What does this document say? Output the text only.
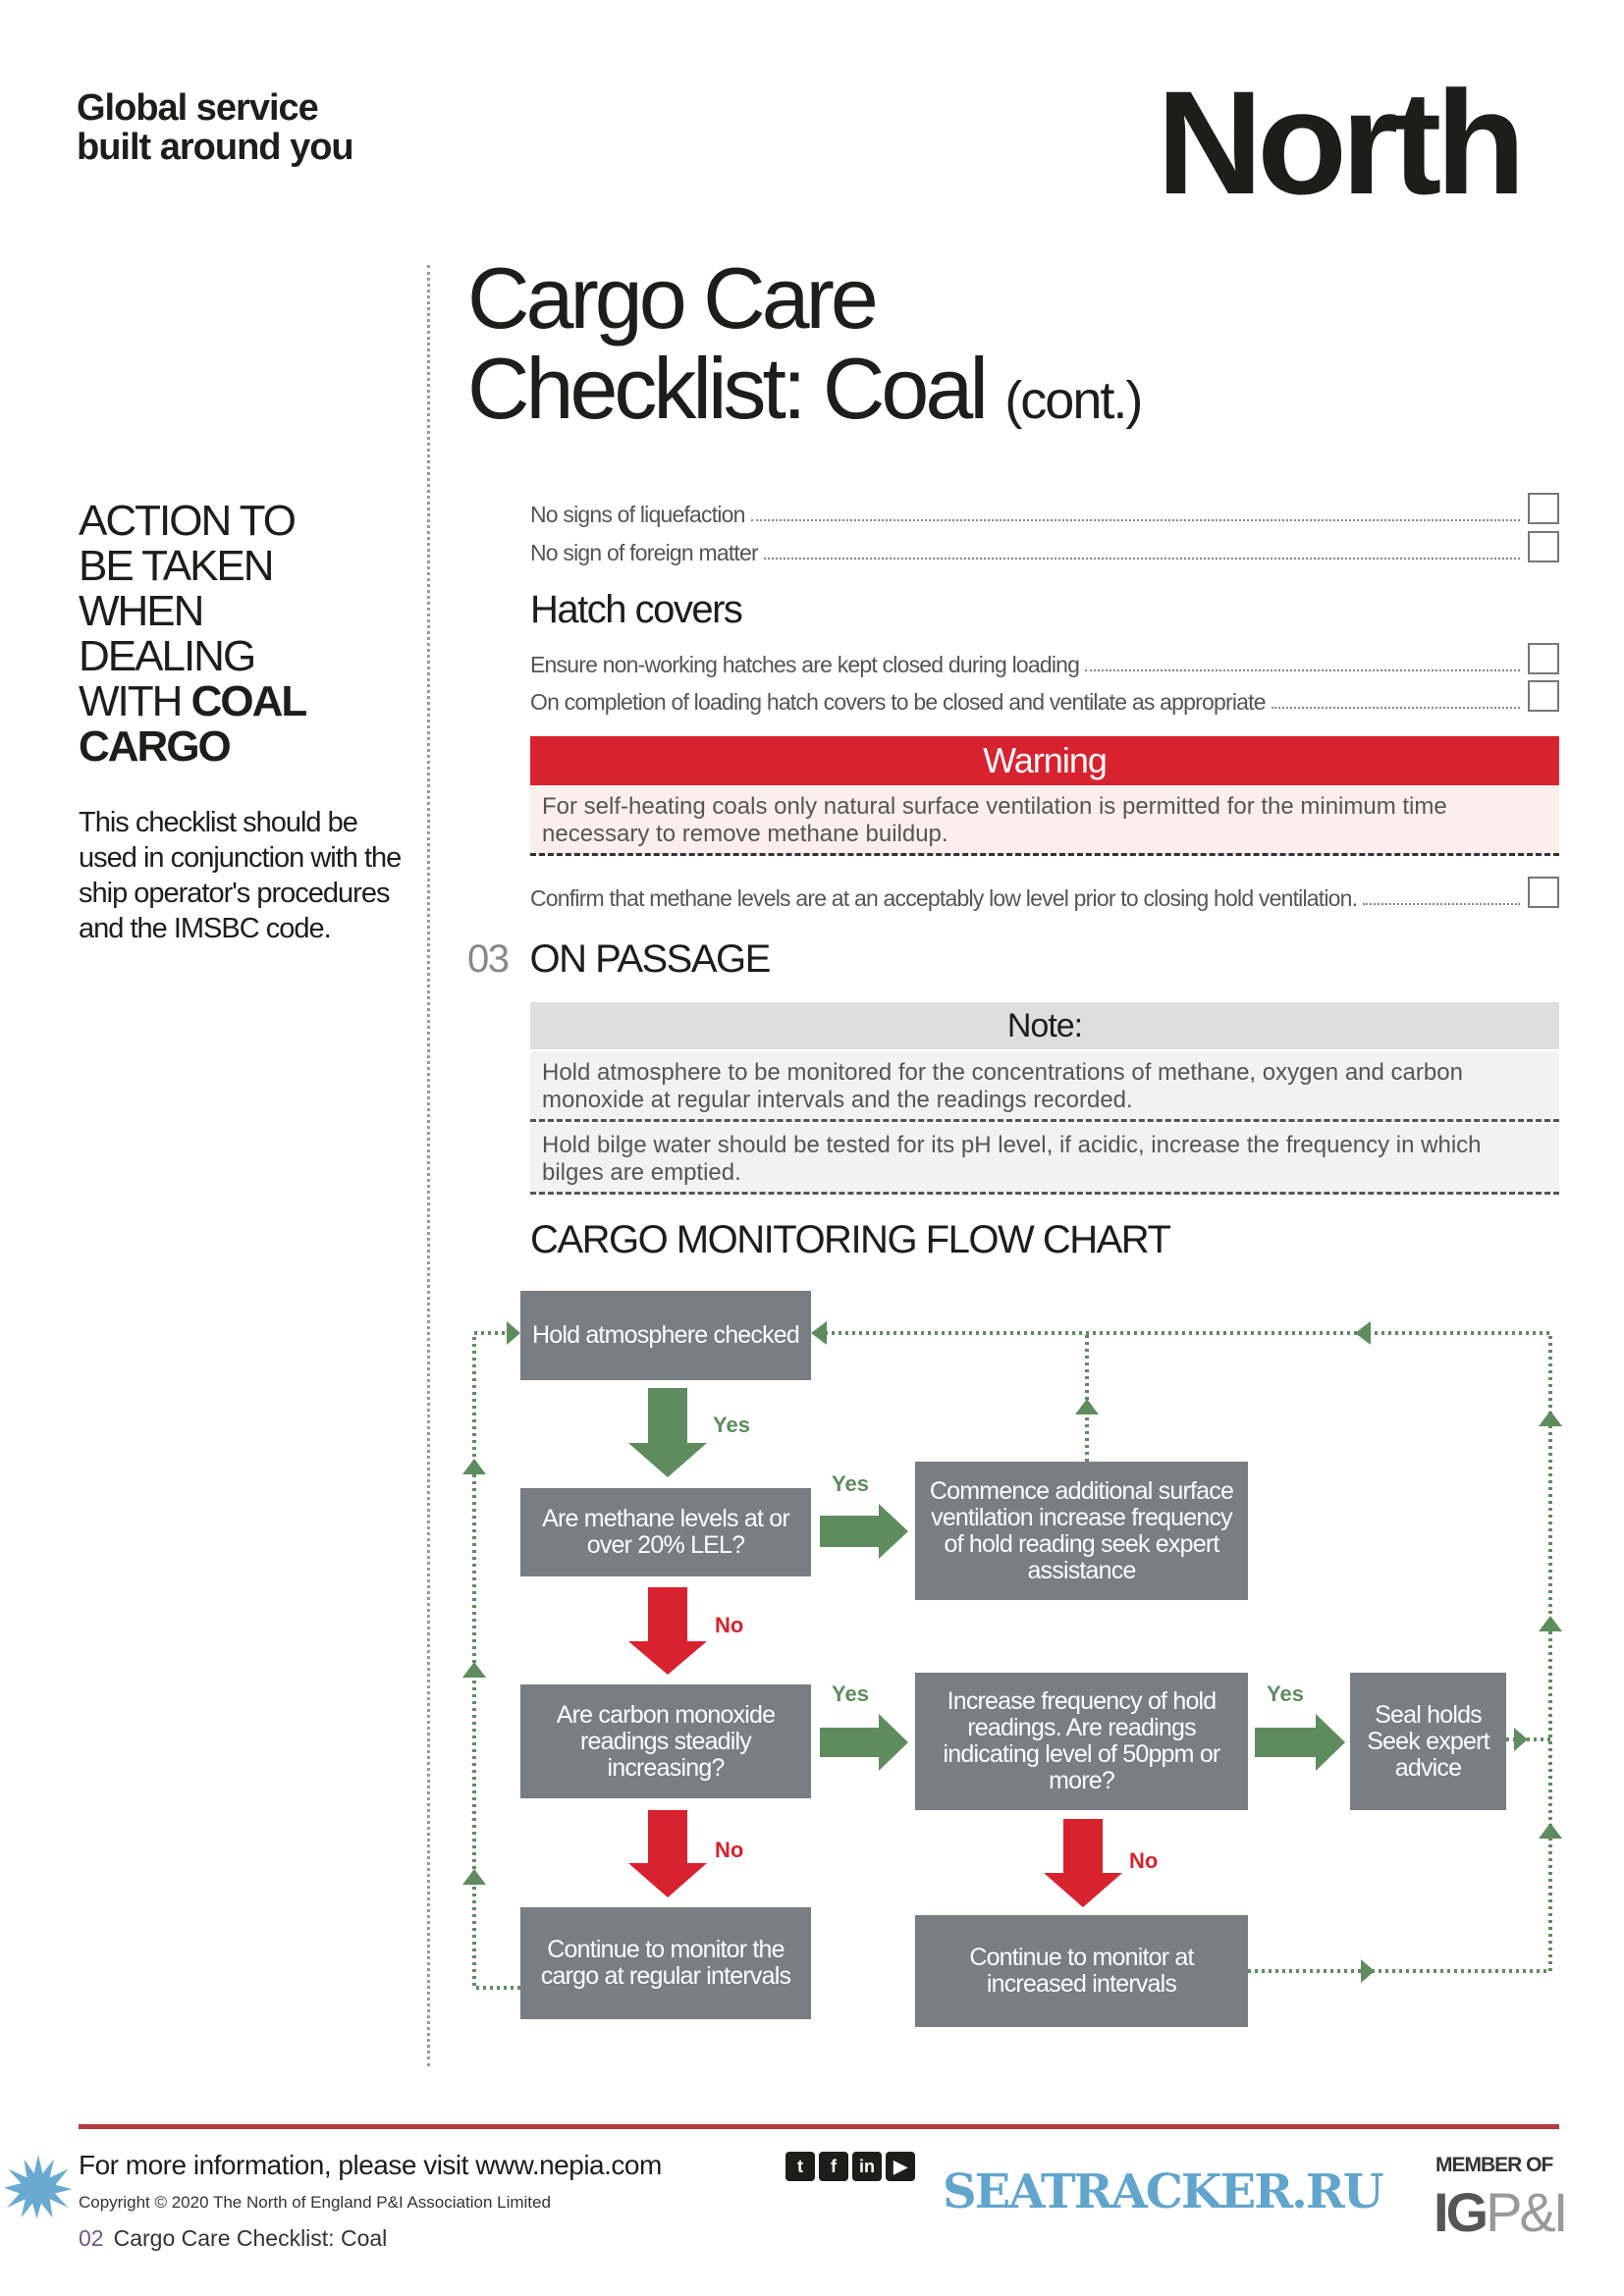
Global service
built around you	North
Cargo Care
Checklist: Coal (cont.)
ACTION TO
BE TAKEN
WHEN
DEALING
WITH COAL
CARGO
This checklist should be used in conjunction with the ship operator's procedures and the IMSBC code.
No signs of liquefaction
No sign of foreign matter
Hatch covers
Ensure non-working hatches are kept closed during loading
On completion of loading hatch covers to be closed and ventilate as appropriate
Warning
For self-heating coals only natural surface ventilation is permitted for the minimum time necessary to remove methane buildup.
Confirm that methane levels are at an acceptably low level prior to closing hold ventilation.
03 ON PASSAGE
Note:
Hold atmosphere to be monitored for the concentrations of methane, oxygen and carbon monoxide at regular intervals and the readings recorded.
Hold bilge water should be tested for its pH level, if acidic, increase the frequency in which bilges are emptied.
CARGO MONITORING FLOW CHART
Hold atmosphere checked
Are methane levels at or over 20% LEL?
Commence additional surface ventilation increase frequency of hold reading seek expert assistance
Are carbon monoxide readings steadily increasing?
Increase frequency of hold readings. Are readings indicating level of 50ppm or more?
Seal holds Seek expert advice
Continue to monitor the cargo at regular intervals
Continue to monitor at increased intervals
Yes
Yes
Yes	Yes
No
No	No
For more information, please visit www.nepia.com	t	f	in	▶
Copyright © 2020 The North of England P&I Association Limited
02 Cargo Care Checklist: Coal
MEMBER OF
IGP&I
SEATRACKER.RU
